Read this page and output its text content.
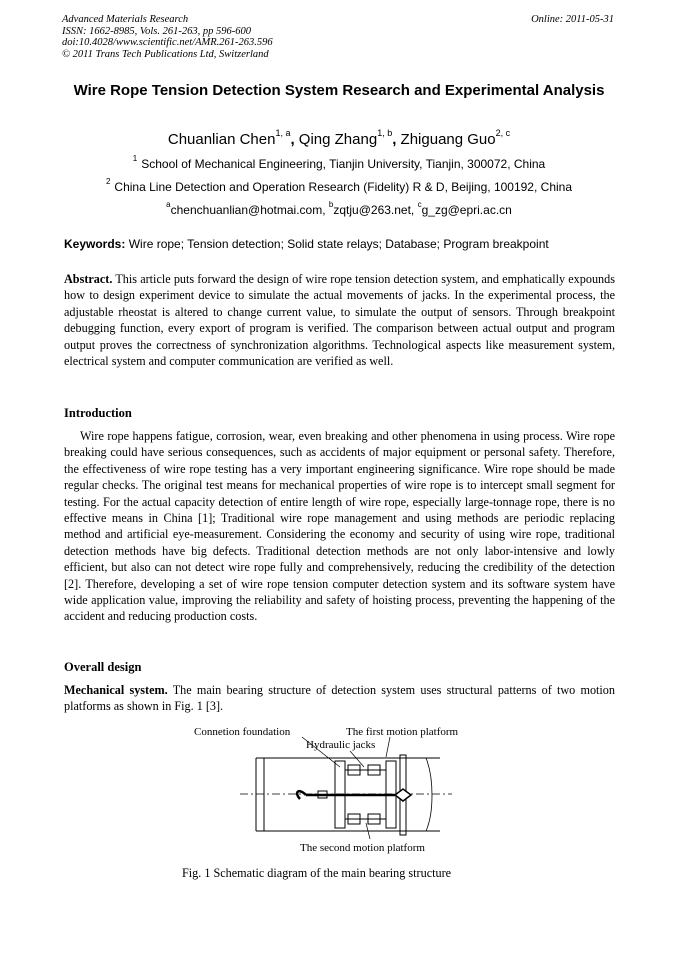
Advanced Materials Research
ISSN: 1662-8985, Vols. 261-263, pp 596-600
doi:10.4028/www.scientific.net/AMR.261-263.596
© 2011 Trans Tech Publications Ltd, Switzerland
Online: 2011-05-31
Wire Rope Tension Detection System Research and Experimental Analysis
Chuanlian Chen$^{1, a}$, Qing Zhang$^{1, b}$, Zhiguang Guo$^{2, c}$
$^1$ School of Mechanical Engineering, Tianjin University, Tianjin, 300072, China
$^2$ China Line Detection and Operation Research (Fidelity) R & D, Beijing, 100192, China
$^a$chenchuanlian@hotmai.com, $^b$zqtju@263.net, $^c$g_zg@epri.ac.cn
Keywords: Wire rope; Tension detection; Solid state relays; Database; Program breakpoint
Abstract. This article puts forward the design of wire rope tension detection system, and emphatically expounds how to design experiment device to simulate the actual movements of jacks. In the experimental process, the adjustable rheostat is altered to change current value, to simulate the output of sensors. Through breakpoint debugging function, every export of program is verified. The comparison between actual output and program output proves the correctness of synchronization algorithms. Technological aspects like measurement system, electrical system and computer communication are verified as well.
Introduction
Wire rope happens fatigue, corrosion, wear, even breaking and other phenomena in using process. Wire rope breaking could have serious consequences, such as accidents of major equipment or personal safety. Therefore, the effectiveness of wire rope testing has a very important engineering significance. Wire rope should be made regular checks. The original test means for mechanical properties of wire rope is to intercept small segment for testing. For the actual capacity detection of entire length of wire rope, especially large-tonnage rope, there is no effective means in China [1]; Traditional wire rope management and using methods are periodic replacing method and artificial eye-measurement. Considering the economy and security of using wire rope, traditional detection methods have big defects. Traditional detection methods are not only labor-intensive and lowly efficient, but also can not detect wire rope fully and comprehensively, reducing the credibility of the detection [2]. Therefore, developing a set of wire rope tension computer detection system and its software system have wide application value, improving the reliability and safety of hoisting process, preventing the happening of the accident and reducing production costs.
Overall design
Mechanical system. The main bearing structure of detection system uses structural patterns of two motion platforms as shown in Fig. 1 [3].
Connetion foundation	The first motion platform
Hydraulic jacks
The second motion platform
Fig. 1 Schematic diagram of the main bearing structure
